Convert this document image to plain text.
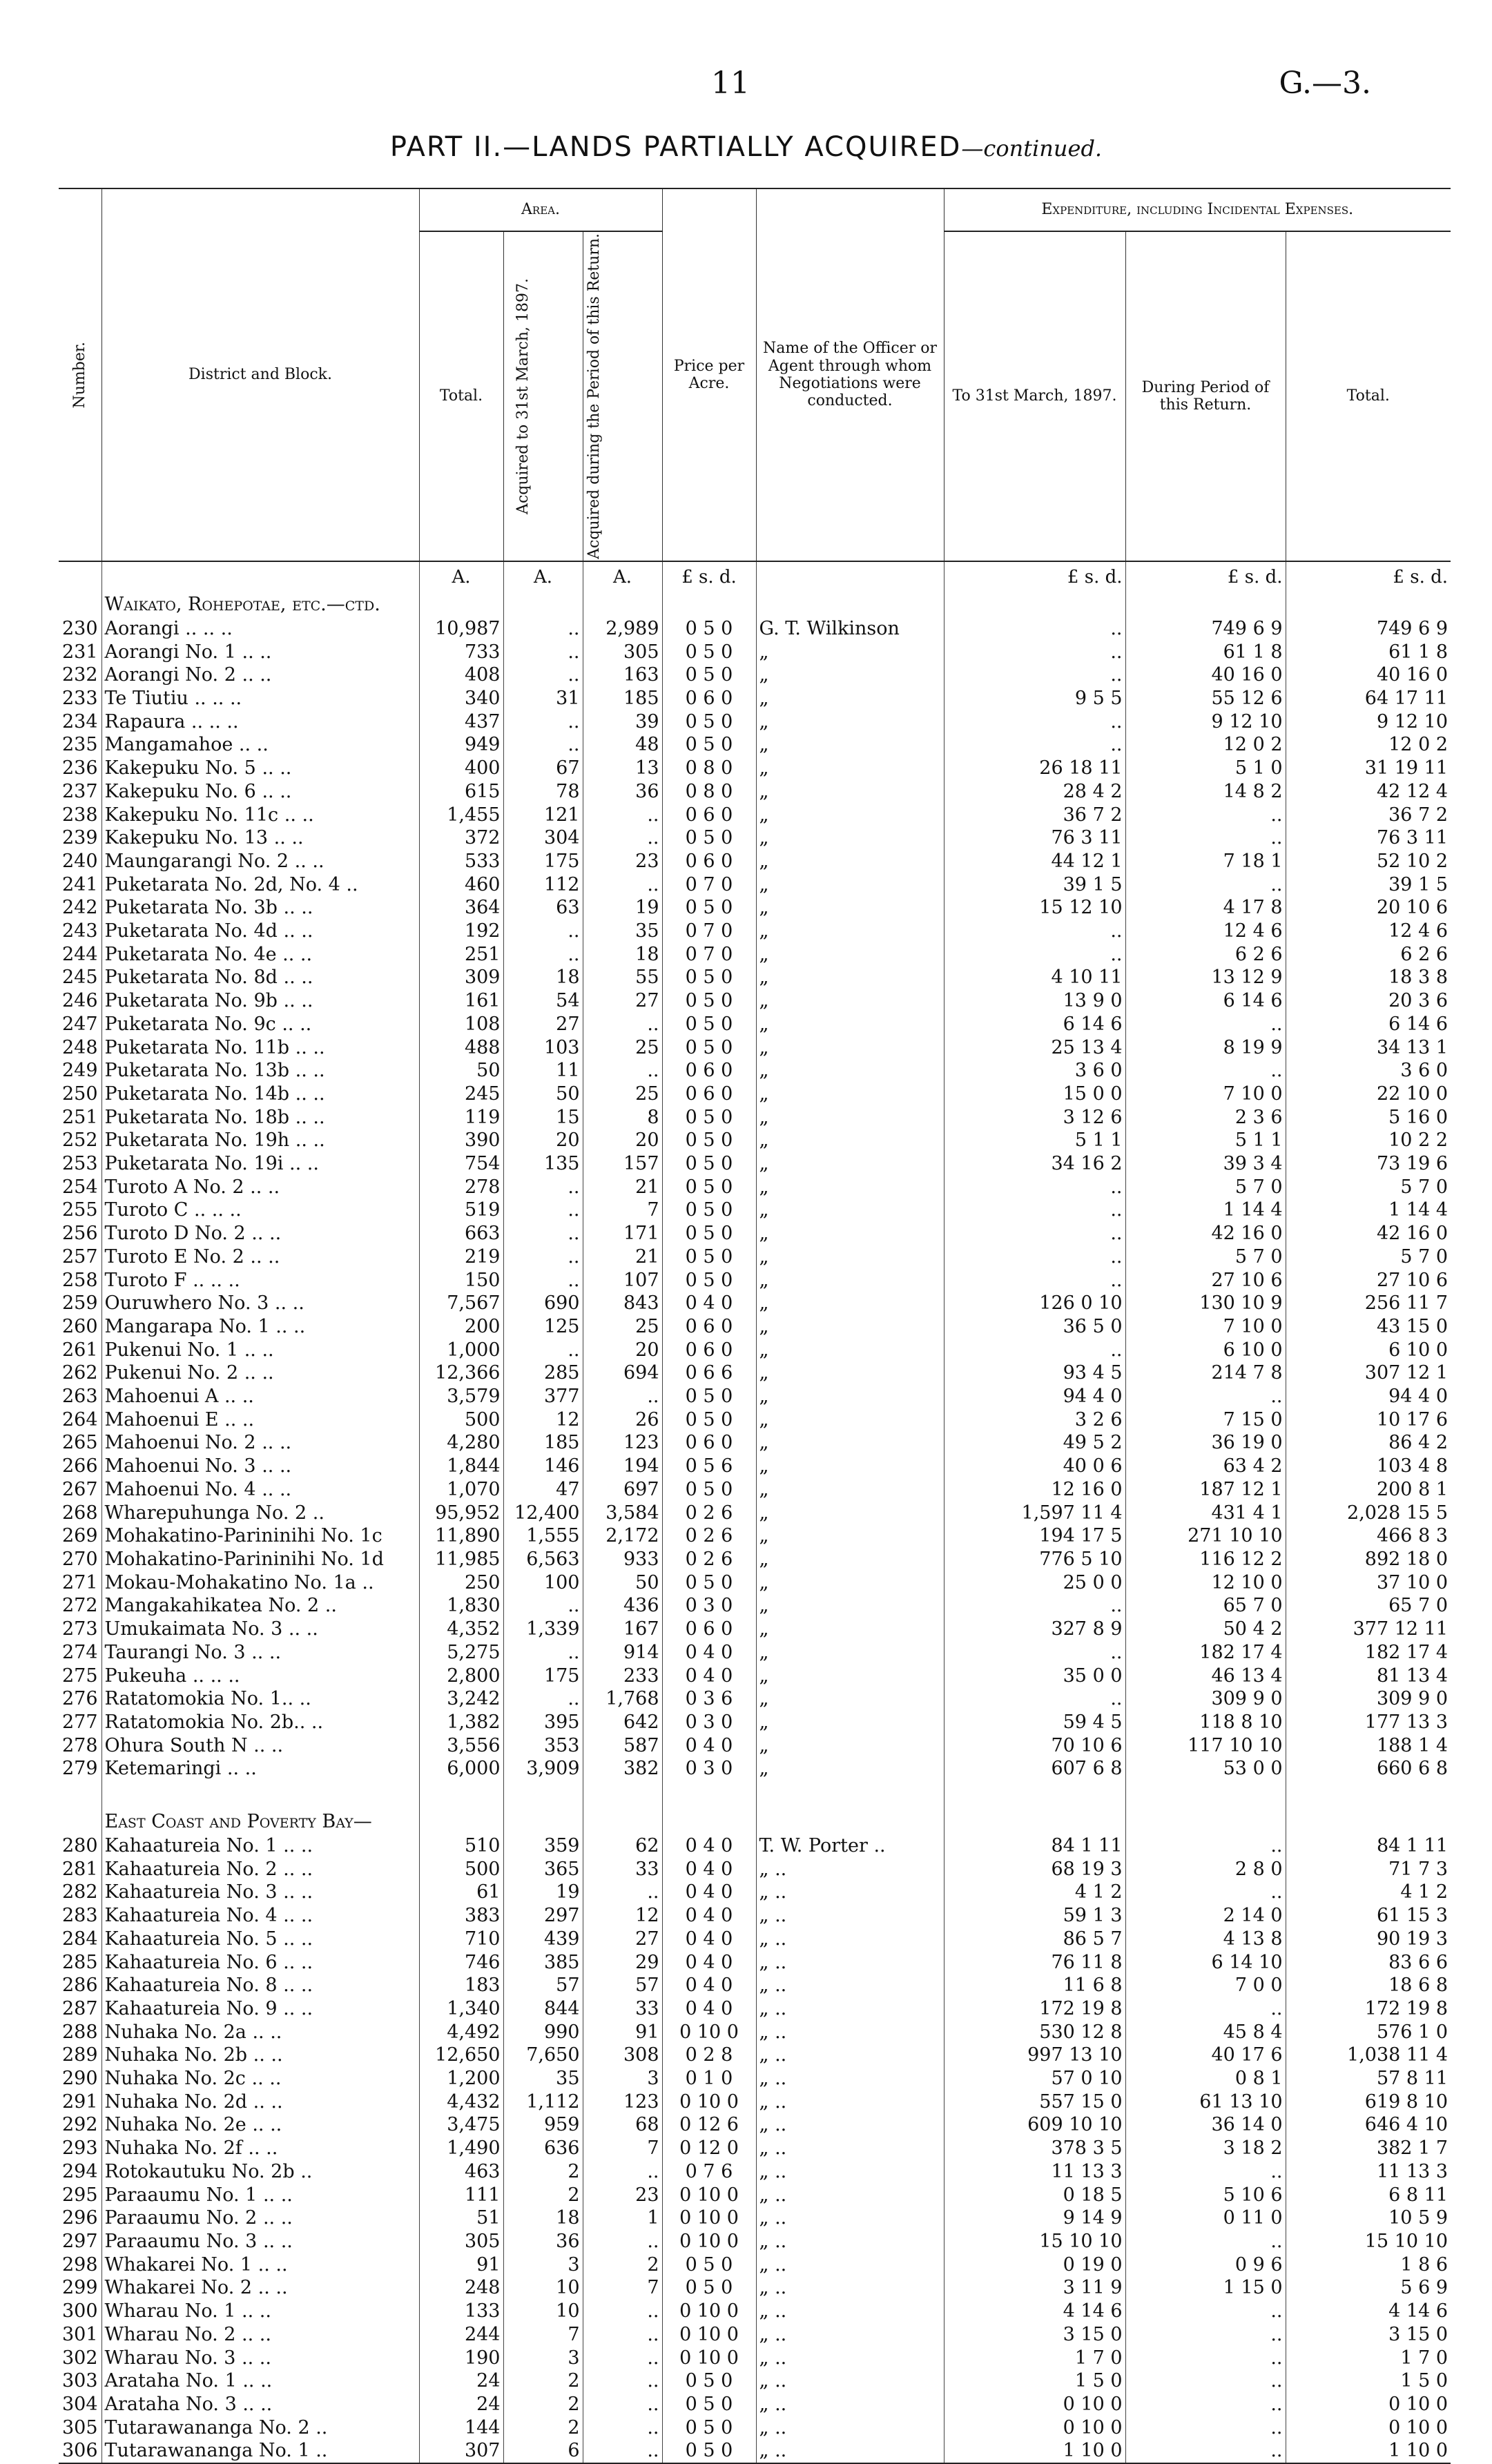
11	G.—3.
PART II.—LANDS PARTIALLY ACQUIRED—continued.
Number.	District and Block.	Area.			Price per Acre.	Name of the Officer or Agent through whom Negotiations were conducted.	Expenditure, including Incidental Expenses.		
		Total.	Acquired to 31st March, 1897.	Acquired during the Period of this Return.			To 31st March, 1897.	During Period of this Return.	Total.
		A.	A.	A.	£ s. d.		£ s. d.	£ s. d.	£ s. d.
	Waikato, Rohepotae, etc.—ctd.								
230	Aorangi .. .. ..	10,987	..	2,989	0 5 0	G. T. Wilkinson	..	749 6 9	749 6 9
231	Aorangi No. 1 .. ..	733	..	305	0 5 0	„	..	61 1 8	61 1 8
232	Aorangi No. 2 .. ..	408	..	163	0 5 0	„	..	40 16 0	40 16 0
233	Te Tiutiu .. .. ..	340	31	185	0 6 0	„	9 5 5	55 12 6	64 17 11
234	Rapaura .. .. ..	437	..	39	0 5 0	„	..	9 12 10	9 12 10
235	Mangamahoe .. ..	949	..	48	0 5 0	„	..	12 0 2	12 0 2
236	Kakepuku No. 5 .. ..	400	67	13	0 8 0	„	26 18 11	5 1 0	31 19 11
237	Kakepuku No. 6 .. ..	615	78	36	0 8 0	„	28 4 2	14 8 2	42 12 4
238	Kakepuku No. 11c .. ..	1,455	121	..	0 6 0	„	36 7 2	..	36 7 2
239	Kakepuku No. 13 .. ..	372	304	..	0 5 0	„	76 3 11	..	76 3 11
240	Maungarangi No. 2 .. ..	533	175	23	0 6 0	„	44 12 1	7 18 1	52 10 2
241	Puketarata No. 2d, No. 4 ..	460	112	..	0 7 0	„	39 1 5	..	39 1 5
242	Puketarata No. 3b .. ..	364	63	19	0 5 0	„	15 12 10	4 17 8	20 10 6
243	Puketarata No. 4d .. ..	192	..	35	0 7 0	„	..	12 4 6	12 4 6
244	Puketarata No. 4e .. ..	251	..	18	0 7 0	„	..	6 2 6	6 2 6
245	Puketarata No. 8d .. ..	309	18	55	0 5 0	„	4 10 11	13 12 9	18 3 8
246	Puketarata No. 9b .. ..	161	54	27	0 5 0	„	13 9 0	6 14 6	20 3 6
247	Puketarata No. 9c .. ..	108	27	..	0 5 0	„	6 14 6	..	6 14 6
248	Puketarata No. 11b .. ..	488	103	25	0 5 0	„	25 13 4	8 19 9	34 13 1
249	Puketarata No. 13b .. ..	50	11	..	0 6 0	„	3 6 0	..	3 6 0
250	Puketarata No. 14b .. ..	245	50	25	0 6 0	„	15 0 0	7 10 0	22 10 0
251	Puketarata No. 18b .. ..	119	15	8	0 5 0	„	3 12 6	2 3 6	5 16 0
252	Puketarata No. 19h .. ..	390	20	20	0 5 0	„	5 1 1	5 1 1	10 2 2
253	Puketarata No. 19i .. ..	754	135	157	0 5 0	„	34 16 2	39 3 4	73 19 6
254	Turoto A No. 2 .. ..	278	..	21	0 5 0	„	..	5 7 0	5 7 0
255	Turoto C .. .. ..	519	..	7	0 5 0	„	..	1 14 4	1 14 4
256	Turoto D No. 2 .. ..	663	..	171	0 5 0	„	..	42 16 0	42 16 0
257	Turoto E No. 2 .. ..	219	..	21	0 5 0	„	..	5 7 0	5 7 0
258	Turoto F .. .. ..	150	..	107	0 5 0	„	..	27 10 6	27 10 6
259	Ouruwhero No. 3 .. ..	7,567	690	843	0 4 0	„	126 0 10	130 10 9	256 11 7
260	Mangarapa No. 1 .. ..	200	125	25	0 6 0	„	36 5 0	7 10 0	43 15 0
261	Pukenui No. 1 .. ..	1,000	..	20	0 6 0	„	..	6 10 0	6 10 0
262	Pukenui No. 2 .. ..	12,366	285	694	0 6 6	„	93 4 5	214 7 8	307 12 1
263	Mahoenui A .. ..	3,579	377	..	0 5 0	„	94 4 0	..	94 4 0
264	Mahoenui E .. ..	500	12	26	0 5 0	„	3 2 6	7 15 0	10 17 6
265	Mahoenui No. 2 .. ..	4,280	185	123	0 6 0	„	49 5 2	36 19 0	86 4 2
266	Mahoenui No. 3 .. ..	1,844	146	194	0 5 6	„	40 0 6	63 4 2	103 4 8
267	Mahoenui No. 4 .. ..	1,070	47	697	0 5 0	„	12 16 0	187 12 1	200 8 1
268	Wharepuhunga No. 2 ..	95,952	12,400	3,584	0 2 6	„	1,597 11 4	431 4 1	2,028 15 5
269	Mohakatino-Parininihi No. 1c	11,890	1,555	2,172	0 2 6	„	194 17 5	271 10 10	466 8 3
270	Mohakatino-Parininihi No. 1d	11,985	6,563	933	0 2 6	„	776 5 10	116 12 2	892 18 0
271	Mokau-Mohakatino No. 1a ..	250	100	50	0 5 0	„	25 0 0	12 10 0	37 10 0
272	Mangakahikatea No. 2 ..	1,830	..	436	0 3 0	„	..	65 7 0	65 7 0
273	Umukaimata No. 3 .. ..	4,352	1,339	167	0 6 0	„	327 8 9	50 4 2	377 12 11
274	Taurangi No. 3 .. ..	5,275	..	914	0 4 0	„	..	182 17 4	182 17 4
275	Pukeuha .. .. ..	2,800	175	233	0 4 0	„	35 0 0	46 13 4	81 13 4
276	Ratatomokia No. 1.. ..	3,242	..	1,768	0 3 6	„	..	309 9 0	309 9 0
277	Ratatomokia No. 2b.. ..	1,382	395	642	0 3 0	„	59 4 5	118 8 10	177 13 3
278	Ohura South N .. ..	3,556	353	587	0 4 0	„	70 10 6	117 10 10	188 1 4
279	Ketemaringi .. ..	6,000	3,909	382	0 3 0	„	607 6 8	53 0 0	660 6 8

	East Coast and Poverty Bay—								
280	Kahaatureia No. 1 .. ..	510	359	62	0 4 0	T. W. Porter ..	84 1 11	..	84 1 11
281	Kahaatureia No. 2 .. ..	500	365	33	0 4 0	„ ..	68 19 3	2 8 0	71 7 3
282	Kahaatureia No. 3 .. ..	61	19	..	0 4 0	„ ..	4 1 2	..	4 1 2
283	Kahaatureia No. 4 .. ..	383	297	12	0 4 0	„ ..	59 1 3	2 14 0	61 15 3
284	Kahaatureia No. 5 .. ..	710	439	27	0 4 0	„ ..	86 5 7	4 13 8	90 19 3
285	Kahaatureia No. 6 .. ..	746	385	29	0 4 0	„ ..	76 11 8	6 14 10	83 6 6
286	Kahaatureia No. 8 .. ..	183	57	57	0 4 0	„ ..	11 6 8	7 0 0	18 6 8
287	Kahaatureia No. 9 .. ..	1,340	844	33	0 4 0	„ ..	172 19 8	..	172 19 8
288	Nuhaka No. 2a .. ..	4,492	990	91	0 10 0	„ ..	530 12 8	45 8 4	576 1 0
289	Nuhaka No. 2b .. ..	12,650	7,650	308	0 2 8	„ ..	997 13 10	40 17 6	1,038 11 4
290	Nuhaka No. 2c .. ..	1,200	35	3	0 1 0	„ ..	57 0 10	0 8 1	57 8 11
291	Nuhaka No. 2d .. ..	4,432	1,112	123	0 10 0	„ ..	557 15 0	61 13 10	619 8 10
292	Nuhaka No. 2e .. ..	3,475	959	68	0 12 6	„ ..	609 10 10	36 14 0	646 4 10
293	Nuhaka No. 2f .. ..	1,490	636	7	0 12 0	„ ..	378 3 5	3 18 2	382 1 7
294	Rotokautuku No. 2b ..	463	2	..	0 7 6	„ ..	11 13 3	..	11 13 3
295	Paraaumu No. 1 .. ..	111	2	23	0 10 0	„ ..	0 18 5	5 10 6	6 8 11
296	Paraaumu No. 2 .. ..	51	18	1	0 10 0	„ ..	9 14 9	0 11 0	10 5 9
297	Paraaumu No. 3 .. ..	305	36	..	0 10 0	„ ..	15 10 10	..	15 10 10
298	Whakarei No. 1 .. ..	91	3	2	0 5 0	„ ..	0 19 0	0 9 6	1 8 6
299	Whakarei No. 2 .. ..	248	10	7	0 5 0	„ ..	3 11 9	1 15 0	5 6 9
300	Wharau No. 1 .. ..	133	10	..	0 10 0	„ ..	4 14 6	..	4 14 6
301	Wharau No. 2 .. ..	244	7	..	0 10 0	„ ..	3 15 0	..	3 15 0
302	Wharau No. 3 .. ..	190	3	..	0 10 0	„ ..	1 7 0	..	1 7 0
303	Arataha No. 1 .. ..	24	2	..	0 5 0	„ ..	1 5 0	..	1 5 0
304	Arataha No. 3 .. ..	24	2	..	0 5 0	„ ..	0 10 0	..	0 10 0
305	Tutarawananga No. 2 ..	144	2	..	0 5 0	„ ..	0 10 0	..	0 10 0
306	Tutarawananga No. 1 ..	307	6	..	0 5 0	„ ..	1 10 0	..	1 10 0
